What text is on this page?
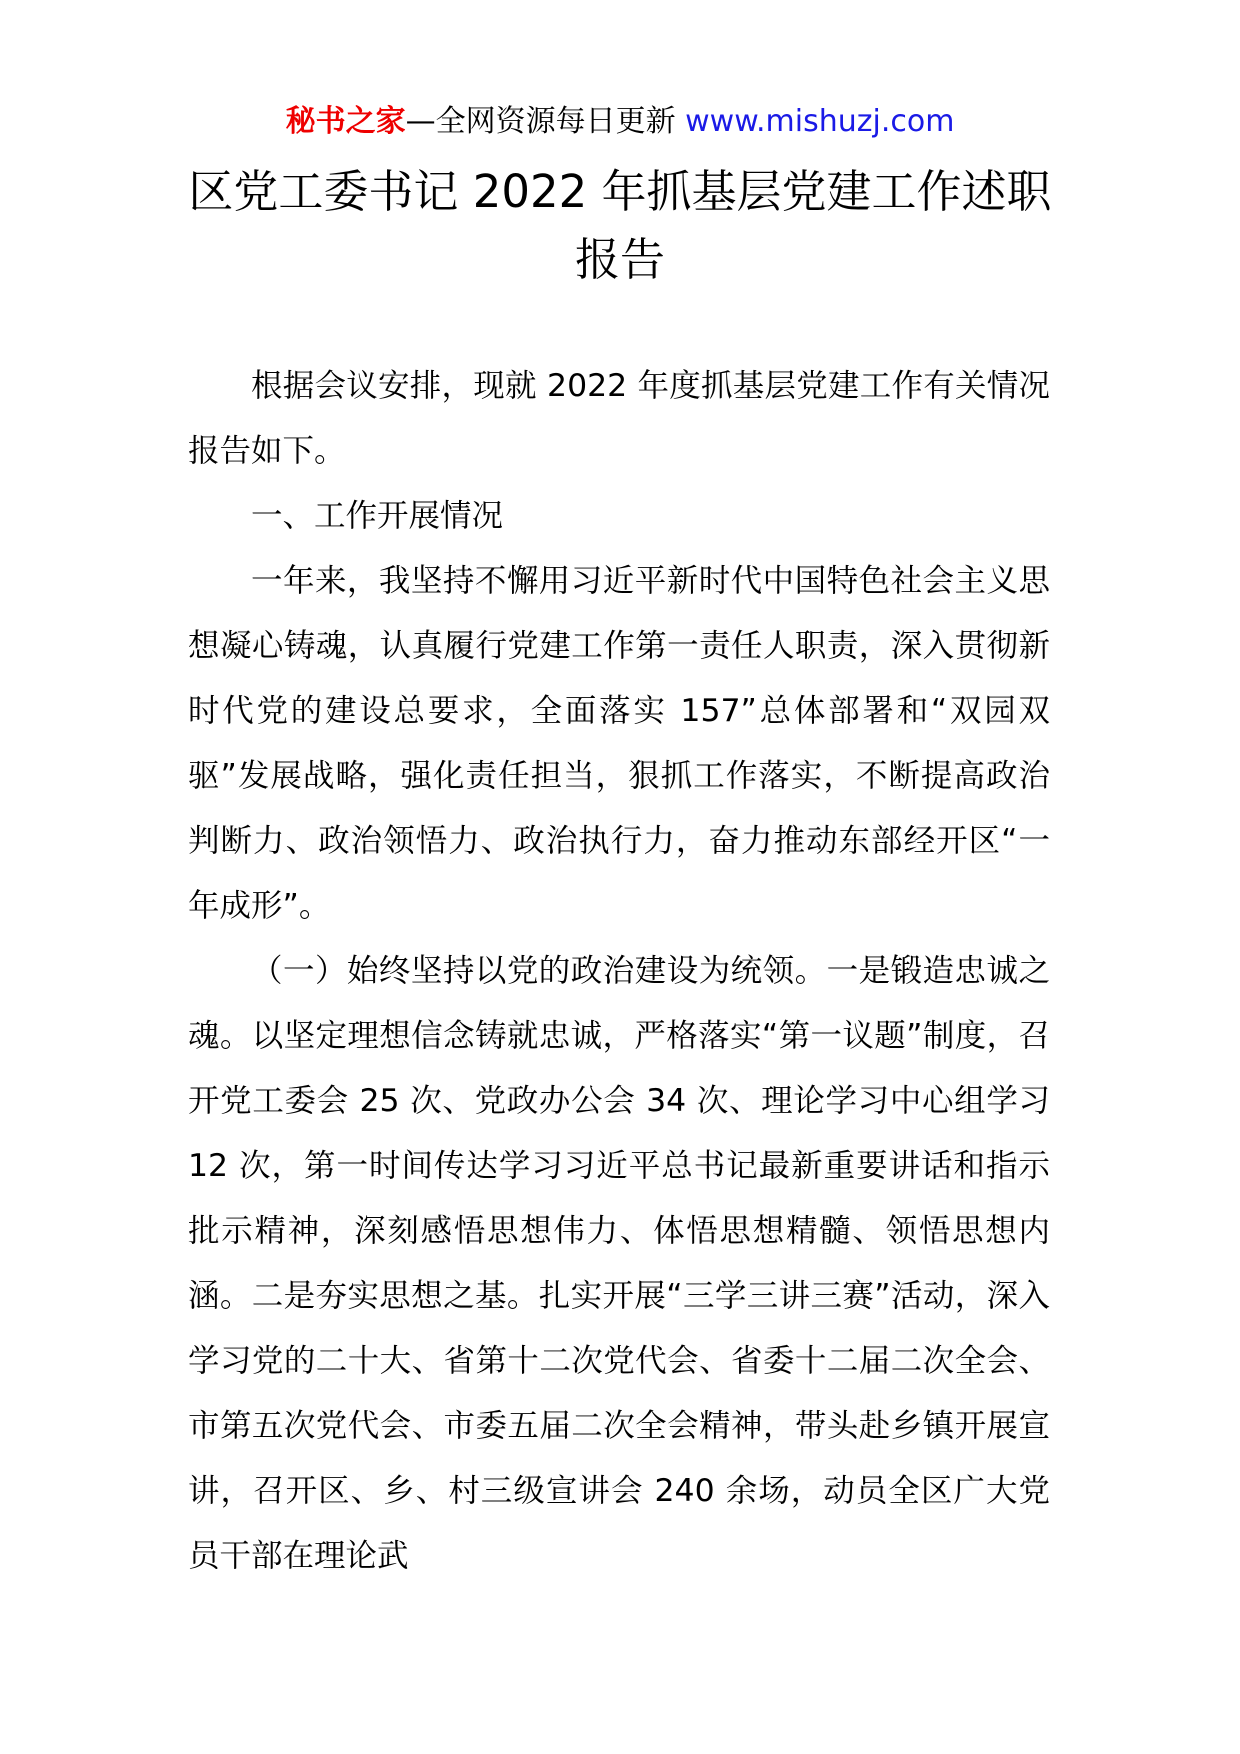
秘书之家—全网资源每日更新 www.mishuzj.com
区党工委书记 2022 年抓基层党建工作述职
报告

根据会议安排，现就 2022 年度抓基层党建工作有关情况报告如下。

一、工作开展情况

一年来，我坚持不懈用习近平新时代中国特色社会主义思想凝心铸魂，认真履行党建工作第一责任人职责，深入贯彻新时代党的建设总要求，全面落实 157”总体部署和“双园双驱”发展战略，强化责任担当，狠抓工作落实，不断提高政治判断力、政治领悟力、政治执行力，奋力推动东部经开区“一年成形”。

（一）始终坚持以党的政治建设为统领。一是锻造忠诚之魂。以坚定理想信念铸就忠诚，严格落实“第一议题”制度，召开党工委会 25 次、党政办公会 34 次、理论学习中心组学习 12 次，第一时间传达学习习近平总书记最新重要讲话和指示批示精神，深刻感悟思想伟力、体悟思想精髓、领悟思想内涵。二是夯实思想之基。扎实开展“三学三讲三赛”活动，深入学习党的二十大、省第十二次党代会、省委十二届二次全会、市第五次党代会、市委五届二次全会精神，带头赴乡镇开展宣讲，召开区、乡、村三级宣讲会 240 余场，动员全区广大党员干部在理论武
